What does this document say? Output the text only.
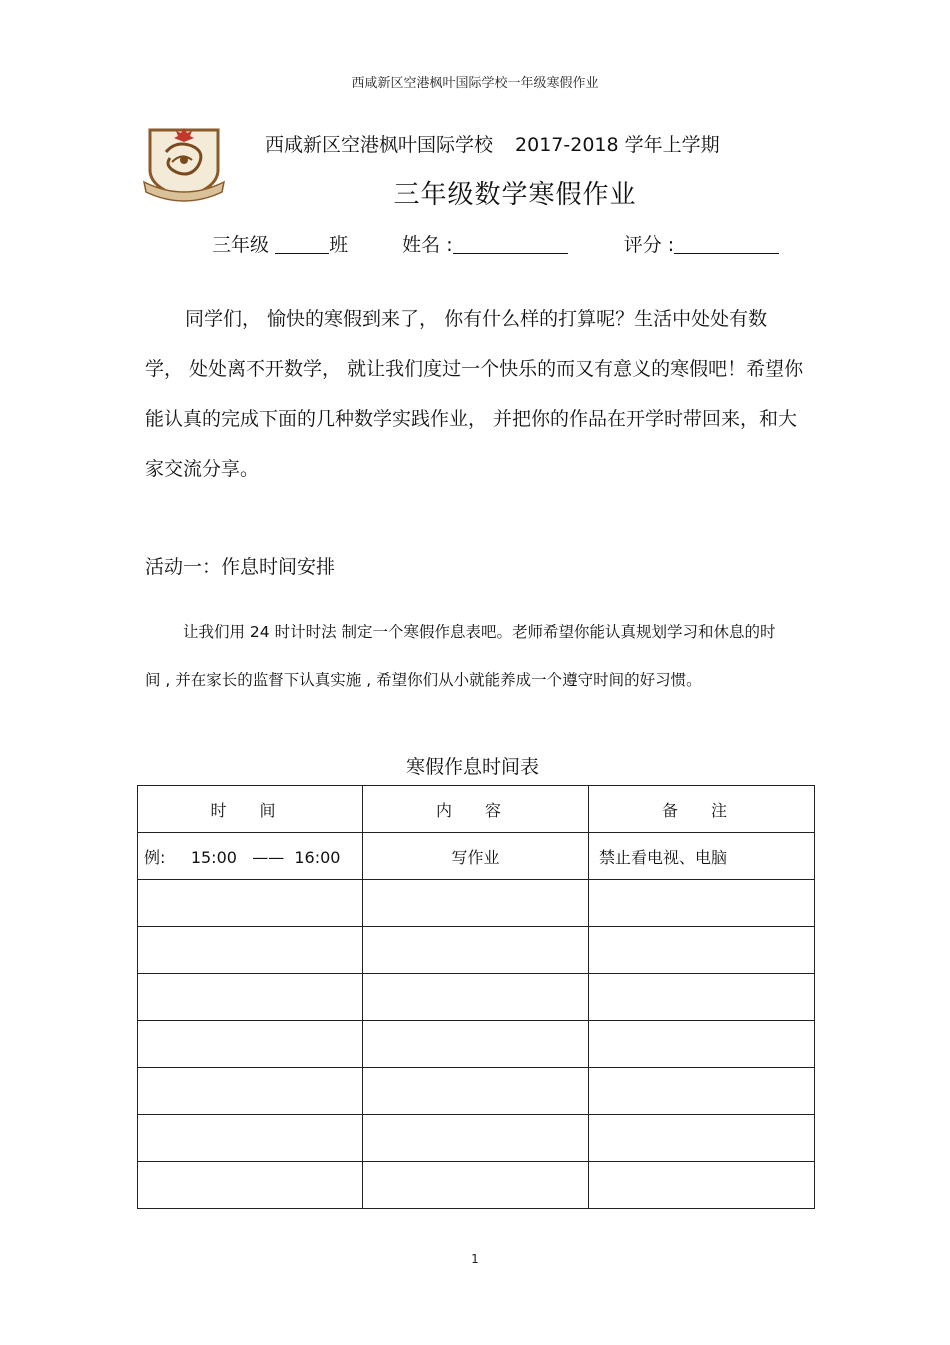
西咸新区空港枫叶国际学校一年级寒假作业
西咸新区空港枫叶国际学校 2017-2018 学年上学期
三年级数学寒假作业
三年级	班	姓名 :	评分 :
同学们， 愉快的寒假到来了， 你有什么样的打算呢？生活中处处有数学， 处处离不开数学， 就让我们度过一个快乐的而又有意义的寒假吧！希望你能认真的完成下面的几种数学实践作业， 并把你的作品在开学时带回来，和大家交流分享。
活动一：作息时间安排
让我们用 24 时计时法 制定一个寒假作息表吧。老师希望你能认真规划学习和休息的时间 , 并在家长的监督下认真实施 , 希望你们从小就能养成一个遵守时间的好习惯。
寒假作息时间表
时 间	内 容	备 注
例:     15:00   ——  16:00	写作业	禁止看电视、电脑

1
